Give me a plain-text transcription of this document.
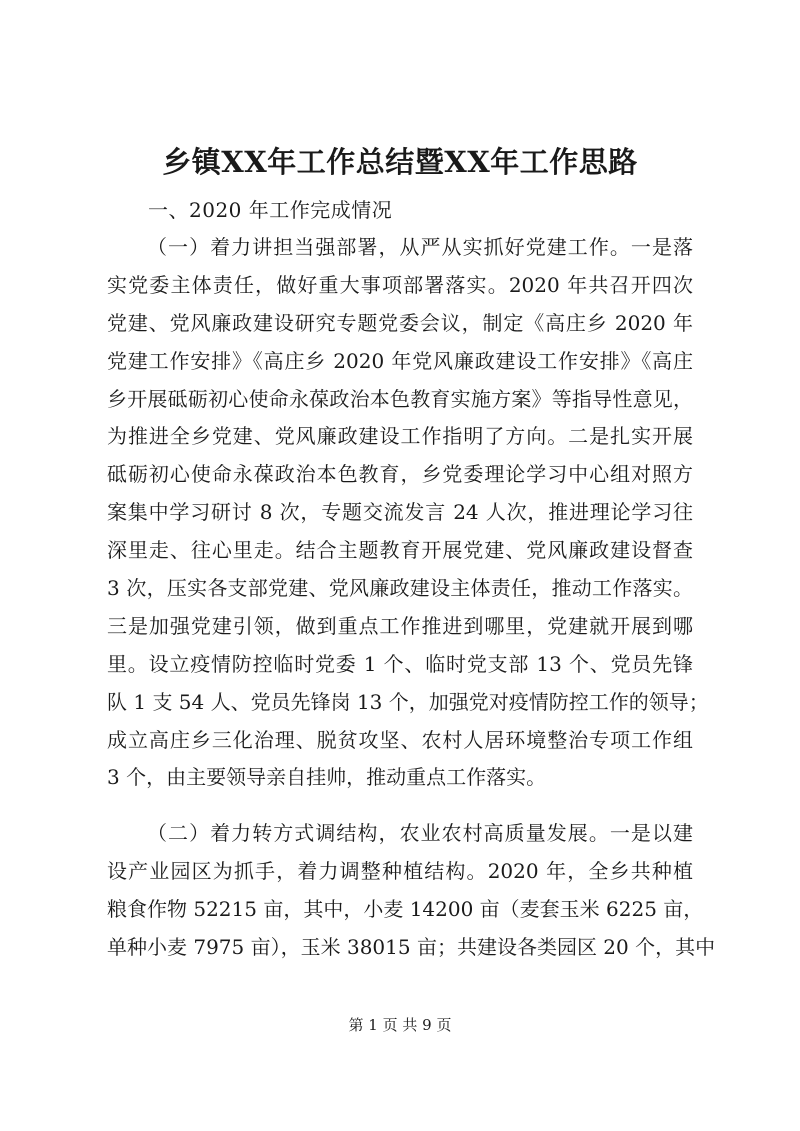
乡镇XX年工作总结暨XX年工作思路
一、2020 年工作完成情况
（一）着力讲担当强部署，从严从实抓好党建工作。一是落
实党委主体责任，做好重大事项部署落实。2020 年共召开四次
党建、党风廉政建设研究专题党委会议，制定《高庄乡 2020 年
党建工作安排》《高庄乡 2020 年党风廉政建设工作安排》《高庄
乡开展砥砺初心使命永葆政治本色教育实施方案》等指导性意见，
为推进全乡党建、党风廉政建设工作指明了方向。二是扎实开展
砥砺初心使命永葆政治本色教育，乡党委理论学习中心组对照方
案集中学习研讨 8 次，专题交流发言 24 人次，推进理论学习往
深里走、往心里走。结合主题教育开展党建、党风廉政建设督查
3 次，压实各支部党建、党风廉政建设主体责任，推动工作落实。
三是加强党建引领，做到重点工作推进到哪里，党建就开展到哪
里。设立疫情防控临时党委 1 个、临时党支部 13 个、党员先锋
队 1 支 54 人、党员先锋岗 13 个，加强党对疫情防控工作的领导；
成立高庄乡三化治理、脱贫攻坚、农村人居环境整治专项工作组
3 个，由主要领导亲自挂帅，推动重点工作落实。
（二）着力转方式调结构，农业农村高质量发展。一是以建
设产业园区为抓手，着力调整种植结构。2020 年，全乡共种植
粮食作物 52215 亩，其中，小麦 14200 亩（麦套玉米 6225 亩，
单种小麦 7975 亩），玉米 38015 亩；共建设各类园区 20 个，其中
第 1 页 共 9 页
